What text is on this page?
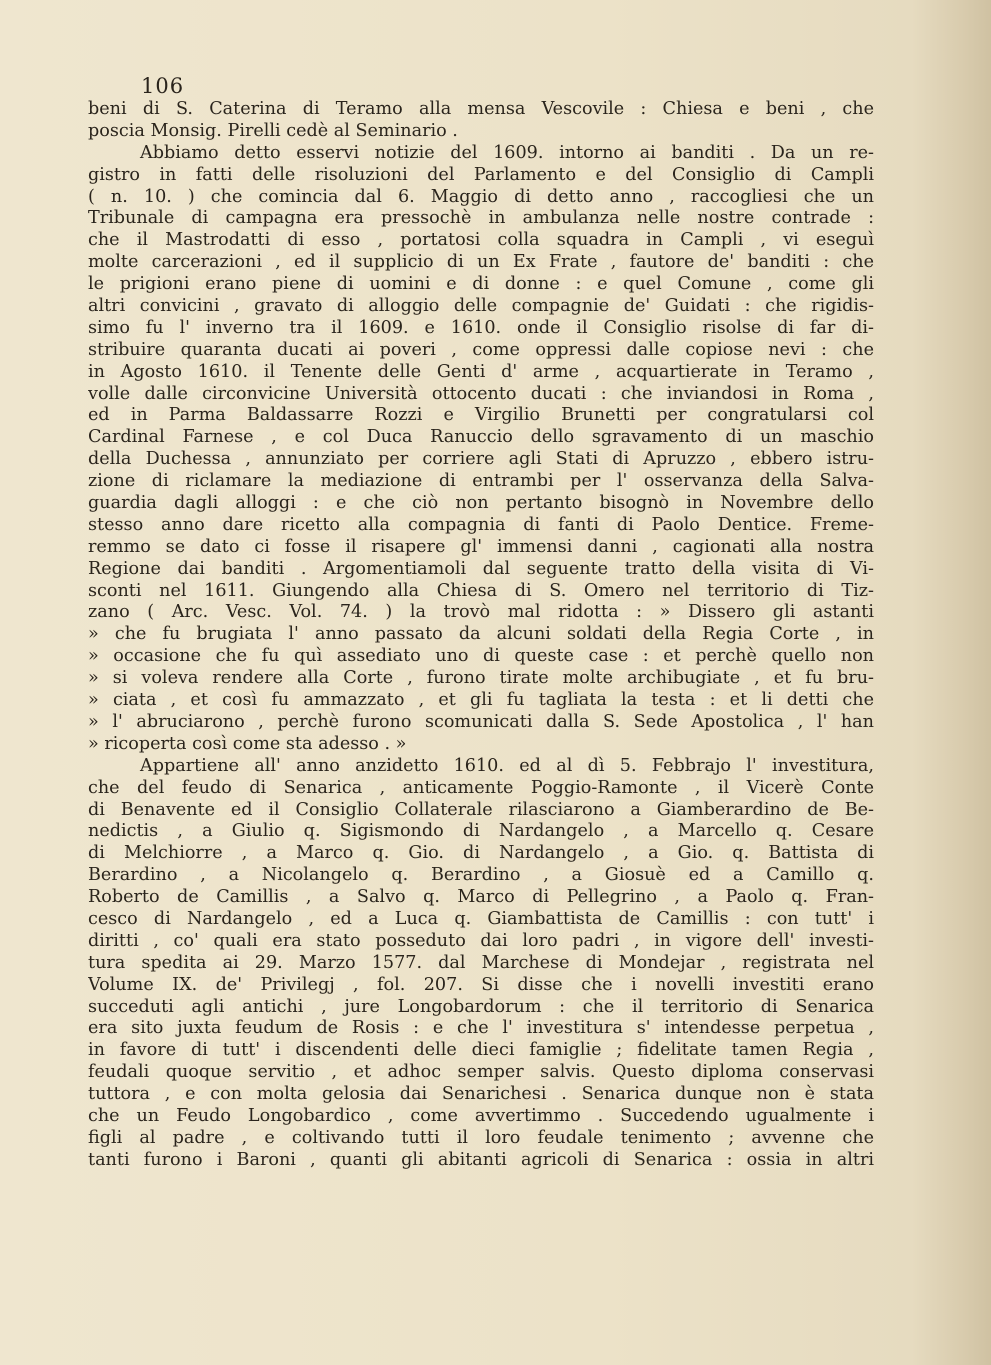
106
beni di S. Caterina di Teramo alla mensa Vescovile : Chiesa e beni , che
poscia Monsig. Pirelli cedè al Seminario .
Abbiamo detto esservi notizie del 1609. intorno ai banditi . Da un re-
gistro in fatti delle risoluzioni del Parlamento e del Consiglio di Campli
( n. 10. ) che comincia dal 6. Maggio di detto anno , raccogliesi che un
Tribunale di campagna era pressochè in ambulanza nelle nostre contrade :
che il Mastrodatti di esso , portatosi colla squadra in Campli , vi eseguì
molte carcerazioni , ed il supplicio di un Ex Frate , fautore de' banditi : che
le prigioni erano piene di uomini e di donne : e quel Comune , come gli
altri convicini , gravato di alloggio delle compagnie de' Guidati : che rigidis-
simo fu l' inverno tra il 1609. e 1610. onde il Consiglio risolse di far di-
stribuire quaranta ducati ai poveri , come oppressi dalle copiose nevi : che
in Agosto 1610. il Tenente delle Genti d' arme , acquartierate in Teramo ,
volle dalle circonvicine Università ottocento ducati : che inviandosi in Roma ,
ed in Parma Baldassarre Rozzi e Virgilio Brunetti per congratularsi col
Cardinal Farnese , e col Duca Ranuccio dello sgravamento di un maschio
della Duchessa , annunziato per corriere agli Stati di Apruzzo , ebbero istru-
zione di riclamare la mediazione di entrambi per l' osservanza della Salva-
guardia dagli alloggi : e che ciò non pertanto bisognò in Novembre dello
stesso anno dare ricetto alla compagnia di fanti di Paolo Dentice. Freme-
remmo se dato ci fosse il risapere gl' immensi danni , cagionati alla nostra
Regione dai banditi . Argomentiamoli dal seguente tratto della visita di Vi-
sconti nel 1611. Giungendo alla Chiesa di S. Omero nel territorio di Tiz-
zano ( Arc. Vesc. Vol. 74. ) la trovò mal ridotta : » Dissero gli astanti
» che fu brugiata l' anno passato da alcuni soldati della Regia Corte , in
» occasione che fu quì assediato uno di queste case : et perchè quello non
» si voleva rendere alla Corte , furono tirate molte archibugiate , et fu bru-
» ciata , et così fu ammazzato , et gli fu tagliata la testa : et li detti che
» l' abruciarono , perchè furono scomunicati dalla S. Sede Apostolica , l' han
» ricoperta così come sta adesso . »
Appartiene all' anno anzidetto 1610. ed al dì 5. Febbrajo l' investitura,
che del feudo di Senarica , anticamente Poggio-Ramonte , il Vicerè Conte
di Benavente ed il Consiglio Collaterale rilasciarono a Giamberardino de Be-
nedictis , a Giulio q. Sigismondo di Nardangelo , a Marcello q. Cesare
di Melchiorre , a Marco q. Gio. di Nardangelo , a Gio. q. Battista di
Berardino , a Nicolangelo q. Berardino , a Giosuè ed a Camillo q.
Roberto de Camillis , a Salvo q. Marco di Pellegrino , a Paolo q. Fran-
cesco di Nardangelo , ed a Luca q. Giambattista de Camillis : con tutt' i
diritti , co' quali era stato posseduto dai loro padri , in vigore dell' investi-
tura spedita ai 29. Marzo 1577. dal Marchese di Mondejar , registrata nel
Volume IX. de' Privilegj , fol. 207. Si disse che i novelli investiti erano
succeduti agli antichi , jure Longobardorum : che il territorio di Senarica
era sito juxta feudum de Rosis : e che l' investitura s' intendesse perpetua ,
in favore di tutt' i discendenti delle dieci famiglie ; fidelitate tamen Regia ,
feudali quoque servitio , et adhoc semper salvis. Questo diploma conservasi
tuttora , e con molta gelosia dai Senarichesi . Senarica dunque non è stata
che un Feudo Longobardico , come avvertimmo . Succedendo ugualmente i
figli al padre , e coltivando tutti il loro feudale tenimento ; avvenne che
tanti furono i Baroni , quanti gli abitanti agricoli di Senarica : ossia in altri
